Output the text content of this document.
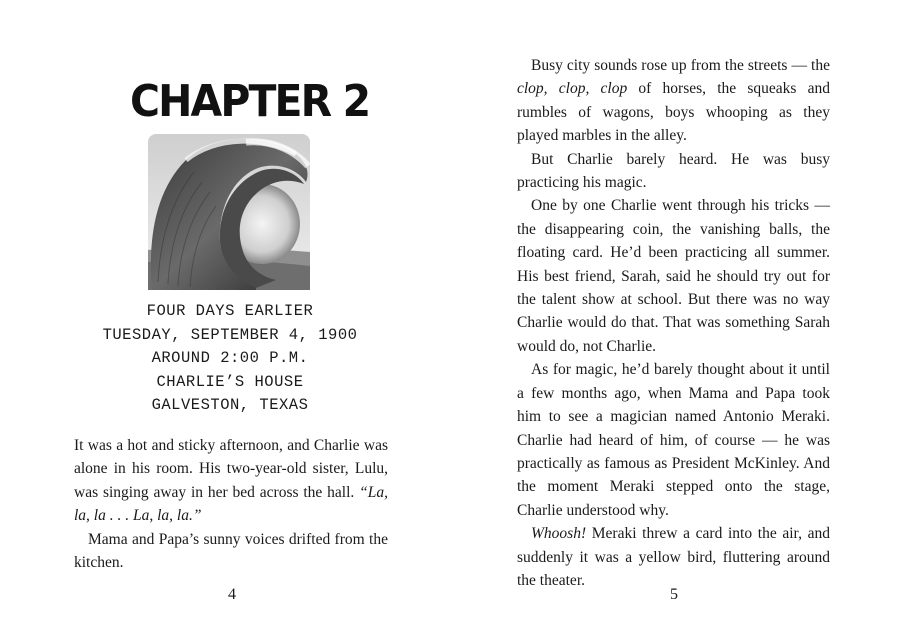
CHAPTER 2
FOUR DAYS EARLIER
TUESDAY, SEPTEMBER 4, 1900
AROUND 2:00 P.M.
CHARLIE’S HOUSE
GALVESTON, TEXAS

It was a hot and sticky afternoon, and Charlie was alone in his room. His two-year-old sister, Lulu, was singing away in her bed across the hall. “La, la, la . . . La, la, la.”

Mama and Papa’s sunny voices drifted from the kitchen.

4

Busy city sounds rose up from the streets — the clop, clop, clop of horses, the squeaks and rumbles of wagons, boys whooping as they played marbles in the alley.

But Charlie barely heard. He was busy practicing his magic.

One by one Charlie went through his tricks — the disappearing coin, the vanishing balls, the floating card. He’d been practicing all summer. His best friend, Sarah, said he should try out for the talent show at school. But there was no way Charlie would do that. That was something Sarah would do, not Charlie.

As for magic, he’d barely thought about it until a few months ago, when Mama and Papa took him to see a magician named Antonio Meraki. Charlie had heard of him, of course — he was practically as famous as President McKinley. And the moment Meraki stepped onto the stage, Charlie understood why.

Whoosh! Meraki threw a card into the air, and suddenly it was a yellow bird, fluttering around the theater.

5
